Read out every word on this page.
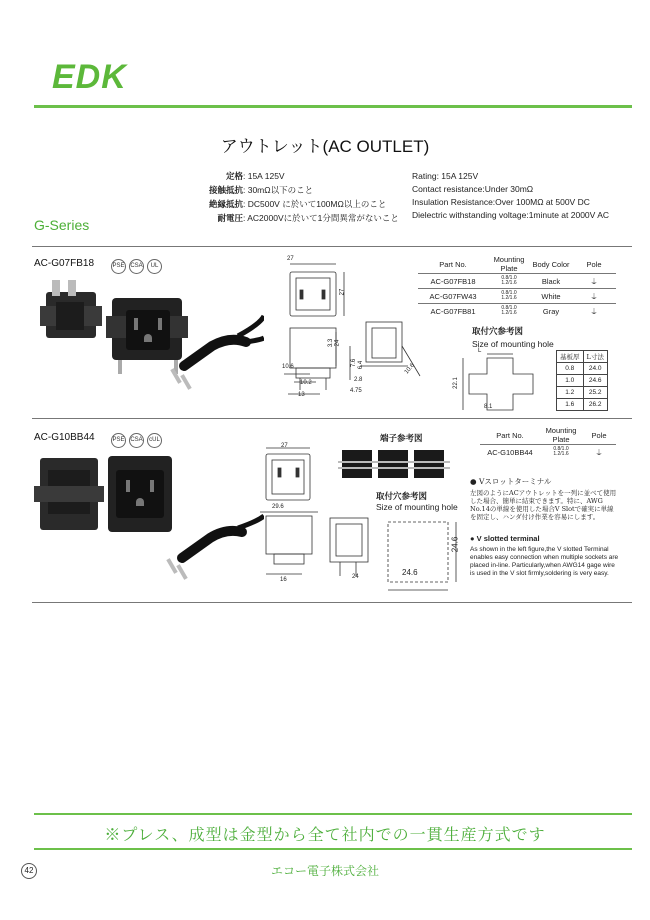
EDK
アウトレット(AC OUTLET)
定格: 15A 125V
接触抵抗: 30mΩ以下のこと
絶縁抵抗: DC500V に於いて100MΩ以上のこと
耐電圧: AC2000Vに於いて1分間異常がないこと
Rating: 15A 125V
Contact resistance:Under 30mΩ
Insulation Resistance:Over 100MΩ at 500V DC
Dielectric withstanding voltage:1minute at 2000V AC
G-Series
AC-G07FB18	PSE CSA UL
27
27
3.3 24
10.6
10.2
13
7.6 6.4
2.8
4.75
10.6
Part No.	Mounting Plate	Body Color	Pole
AC-G07FB18	0.8/1.0
1.2/1.6	Black	⏚
AC-G07FW43	0.8/1.0
1.2/1.6	White	⏚
AC-G07FB81	0.8/1.0
1.2/1.6	Gray	⏚
取付穴参考図
Size of mounting hole
L
22.1
8.1
基板厚	L寸法
0.8	24.0
1.0	24.6
1.2	25.2
1.6	26.2
AC-G10BB44	PSE CSA cUL
27
29.6
16	24
端子参考図	Part No.	Mounting Plate	Pole
AC-G10BB44	0.8/1.0
1.2/1.6	⏚
取付穴参考図
Size of mounting hole
24.6
24.6
● Vスロットターミナル
左図のようにACアウトレットを一列に並べて使用した場合、簡単に結束できます。特に、AWG No.14の単線を使用した場合V Slotで確実に単線を固定し、ハンダ付け作業を容易にします。
● V slotted terminal
As shown in the left figure,the V slotted Terminal enables easy connection when multiple sockets are placed in-line. Particularly,when AWG14 gage wire is used in the V slot firmly,soldering is very easy.
※プレス、成型は金型から全て社内での一貫生産方式です
42	エコー電子株式会社
